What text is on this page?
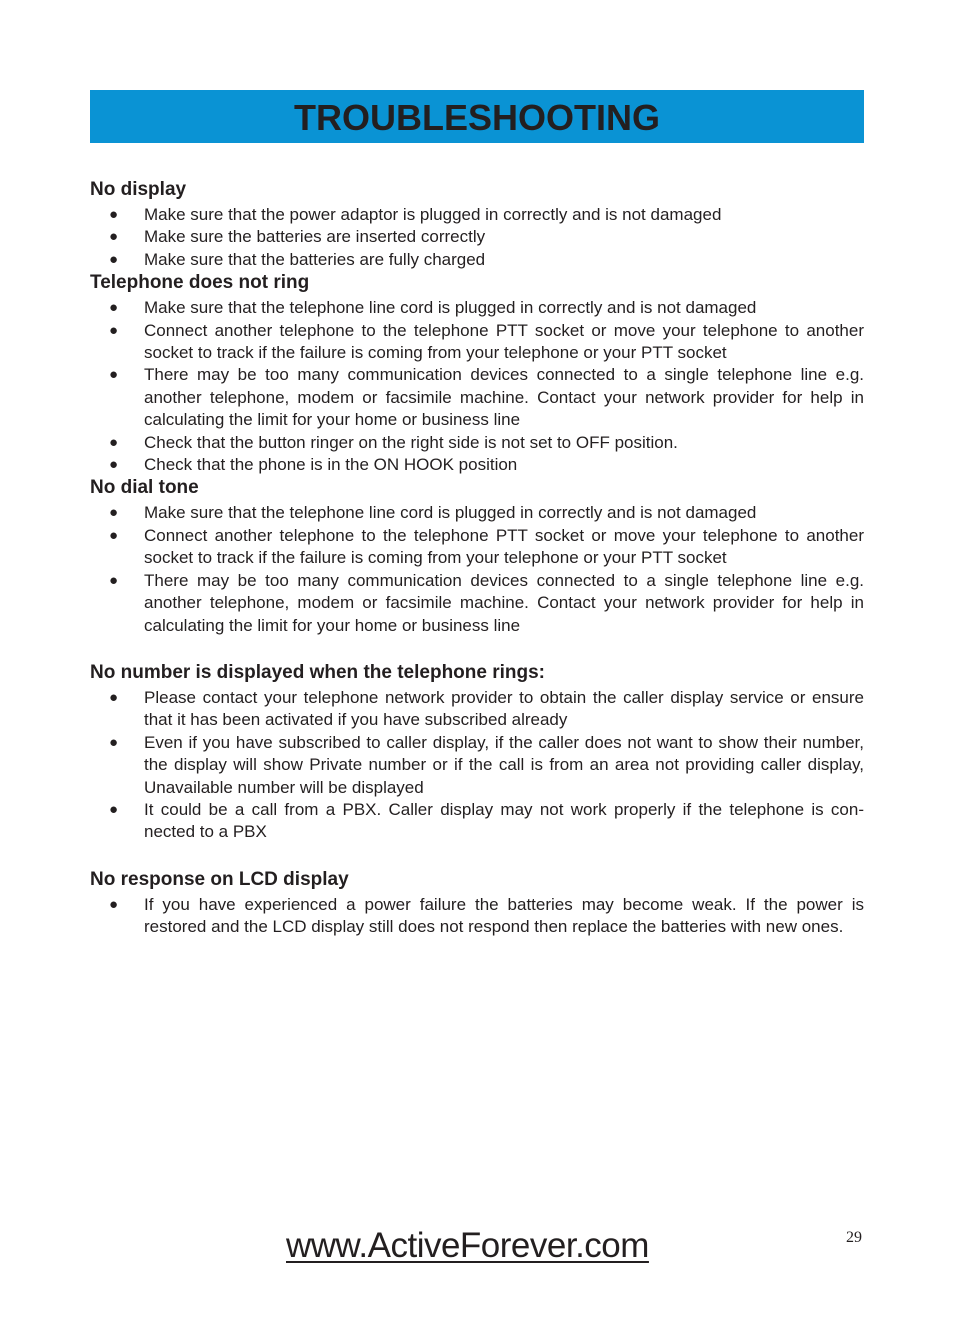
TROUBLESHOOTING
No display
● Make sure that the power adaptor is plugged in correctly and is not damaged
● Make sure the batteries are inserted correctly
● Make sure that the batteries are fully charged
Telephone does not ring
● Make sure that the telephone line cord is plugged in correctly and is not damaged
● Connect another telephone to the telephone PTT socket or move your telephone to another socket to track if the failure is coming from your telephone or your PTT socket
● There may be too many communication devices connected to a single telephone line e.g. another telephone, modem or facsimile machine. Contact your network provider for help in calculating the limit for your home or business line
● Check that the button ringer on the right side is not set to OFF position.
● Check that the phone is in the ON HOOK position
No dial tone
● Make sure that the telephone line cord is plugged in correctly and is not damaged
● Connect another telephone to the telephone PTT socket or move your telephone to another socket to track if the failure is coming from your telephone or your PTT socket
● There may be too many communication devices connected to a single telephone line e.g. another telephone, modem or facsimile machine. Contact your network provider for help in calculating the limit for your home or business line
No number is displayed when the telephone rings:
● Please contact your telephone network provider to obtain the caller display service or ensure that it has been activated if you have subscribed already
● Even if you have subscribed to caller display, if the caller does not want to show their number, the display will show Private number or if the call is from an area not providing caller display, Unavailable number will be displayed
● It could be a call from a PBX. Caller display may not work properly if the telephone is con-nected to a PBX
No response on LCD display
● If you have experienced a power failure the batteries may become weak. If the power is restored and the LCD display still does not respond then replace the batteries with new ones.
www.ActiveForever.com	29
